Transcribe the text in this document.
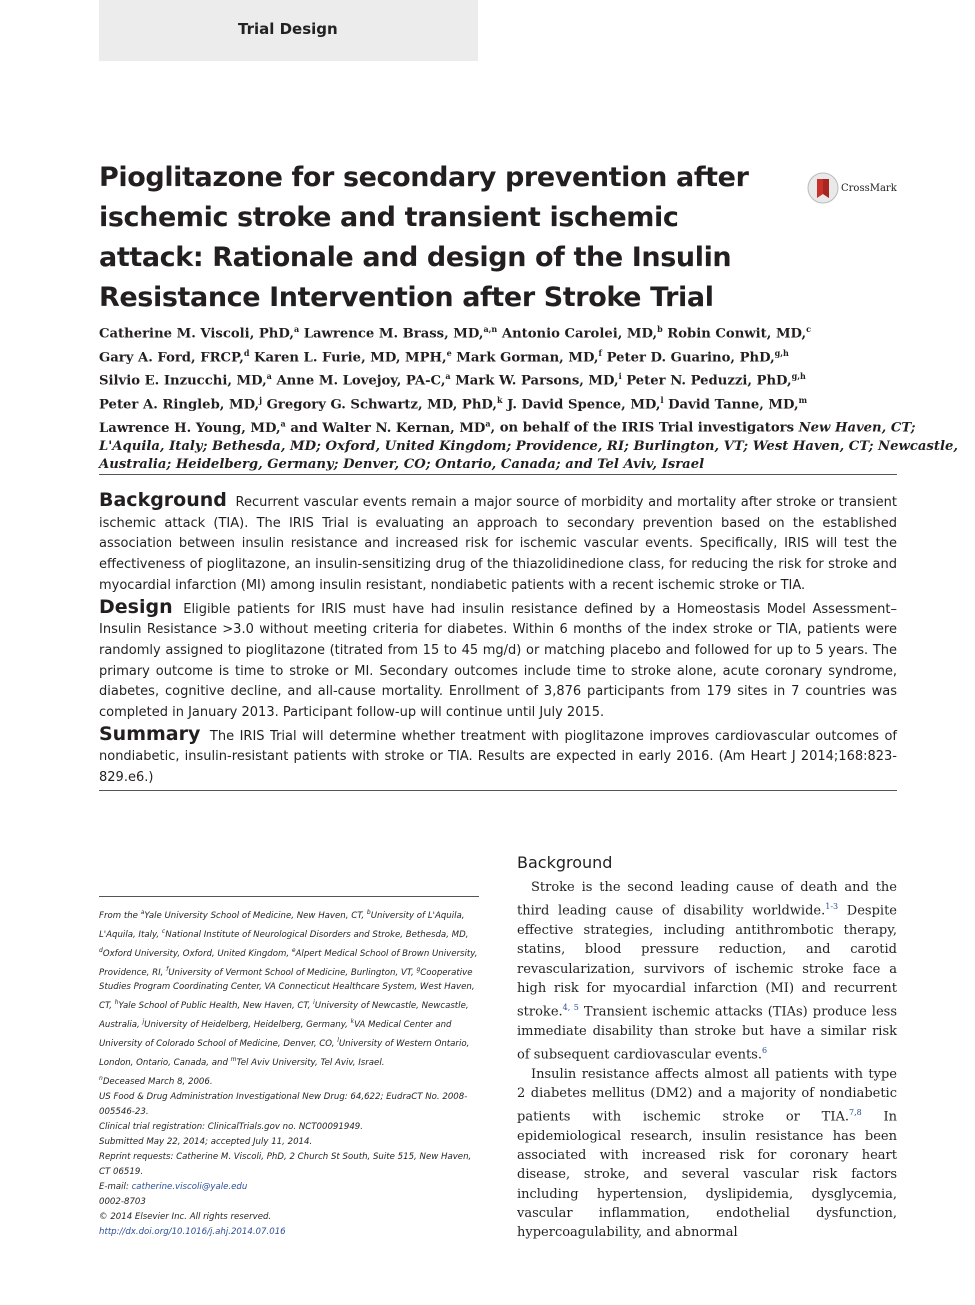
Trial Design
Pioglitazone for secondary prevention after ischemic stroke and transient ischemic attack: Rationale and design of the Insulin Resistance Intervention after Stroke Trial
CrossMark

Catherine M. Viscoli, PhD,$^a$ Lawrence M. Brass, MD,$^{a,n}$ Antonio Carolei, MD,$^b$ Robin Conwit, MD,$^c$

Gary A. Ford, FRCP,$^d$ Karen L. Furie, MD, MPH,$^e$ Mark Gorman, MD,$^f$ Peter D. Guarino, PhD,$^{g,h}$

Silvio E. Inzucchi, MD,$^a$ Anne M. Lovejoy, PA-C,$^a$ Mark W. Parsons, MD,$^i$ Peter N. Peduzzi, PhD,$^{g,h}$

Peter A. Ringleb, MD,$^j$ Gregory G. Schwartz, MD, PhD,$^k$ J. David Spence, MD,$^l$ David Tanne, MD,$^m$

Lawrence H. Young, MD,$^a$ and Walter N. Kernan, $MD^a$, on behalf of the IRIS Trial investigators New Haven, CT;

L'Aquila, Italy; Bethesda, MD; Oxford, United Kingdom; Providence, RI; Burlington, VT; West Haven, CT; Newcastle,

Australia; Heidelberg, Germany; Denver, CO; Ontario, Canada; and Tel Aviv, Israel

Background Recurrent vascular events remain a major source of morbidity and mortality after stroke or transient ischemic attack (TIA). The IRIS Trial is evaluating an approach to secondary prevention based on the established association between insulin resistance and increased risk for ischemic vascular events. Specifically, IRIS will test the effectiveness of pioglitazone, an insulin-sensitizing drug of the thiazolidinedione class, for reducing the risk for stroke and myocardial infarction (MI) among insulin resistant, nondiabetic patients with a recent ischemic stroke or TIA.

Design Eligible patients for IRIS must have had insulin resistance defined by a Homeostasis Model Assessment–Insulin Resistance >3.0 without meeting criteria for diabetes. Within 6 months of the index stroke or TIA, patients were randomly assigned to pioglitazone (titrated from 15 to 45 mg/d) or matching placebo and followed for up to 5 years. The primary outcome is time to stroke or MI. Secondary outcomes include time to stroke alone, acute coronary syndrome, diabetes, cognitive decline, and all-cause mortality. Enrollment of 3,876 participants from 179 sites in 7 countries was completed in January 2013. Participant follow-up will continue until July 2015.

Summary The IRIS Trial will determine whether treatment with pioglitazone improves cardiovascular outcomes of nondiabetic, insulin-resistant patients with stroke or TIA. Results are expected in early 2016. (Am Heart J 2014;168:823-829.e6.)

From the $^a$Yale University School of Medicine, New Haven, CT, $^b$University of L'Aquila, L'Aquila, Italy, $^c$National Institute of Neurological Disorders and Stroke, Bethesda, MD, $^d$Oxford University, Oxford, United Kingdom, $^e$Alpert Medical School of Brown University, Providence, RI, $^f$University of Vermont School of Medicine, Burlington, VT, $^g$Cooperative Studies Program Coordinating Center, VA Connecticut Healthcare System, West Haven, CT, $^h$Yale School of Public Health, New Haven, CT, $^i$University of Newcastle, Newcastle, Australia, $^j$University of Heidelberg, Heidelberg, Germany, $^k$VA Medical Center and University of Colorado School of Medicine, Denver, CO, $^l$University of Western Ontario, London, Ontario, Canada, and $^m$Tel Aviv University, Tel Aviv, Israel.

$^n$Deceased March 8, 2006.

US Food & Drug Administration Investigational New Drug: 64,622; EudraCT No. 2008-005546-23.

Clinical trial registration: ClinicalTrials.gov no. NCT00091949.

Submitted May 22, 2014; accepted July 11, 2014.

Reprint requests: Catherine M. Viscoli, PhD, 2 Church St South, Suite 515, New Haven, CT 06519.

E-mail: catherine.viscoli@yale.edu

0002-8703

© 2014 Elsevier Inc. All rights reserved.

http://dx.doi.org/10.1016/j.ahj.2014.07.016

Background

Stroke is the second leading cause of death and the third leading cause of disability worldwide.$^{1-3}$ Despite effective strategies, including antithrombotic therapy, statins, blood pressure reduction, and carotid revascularization, survivors of ischemic stroke face a high risk for myocardial infarction (MI) and recurrent stroke.$^{4, 5}$ Transient ischemic attacks (TIAs) produce less immediate disability than stroke but have a similar risk of subsequent cardiovascular events.$^6$

Insulin resistance affects almost all patients with type 2 diabetes mellitus (DM2) and a majority of nondiabetic patients with ischemic stroke or TIA.$^{7,8}$ In epidemiological research, insulin resistance has been associated with increased risk for coronary heart disease, stroke, and several vascular risk factors including hypertension, dyslipidemia, dysglycemia, vascular inflammation, endothelial dysfunction, hypercoagulability, and abnormal
